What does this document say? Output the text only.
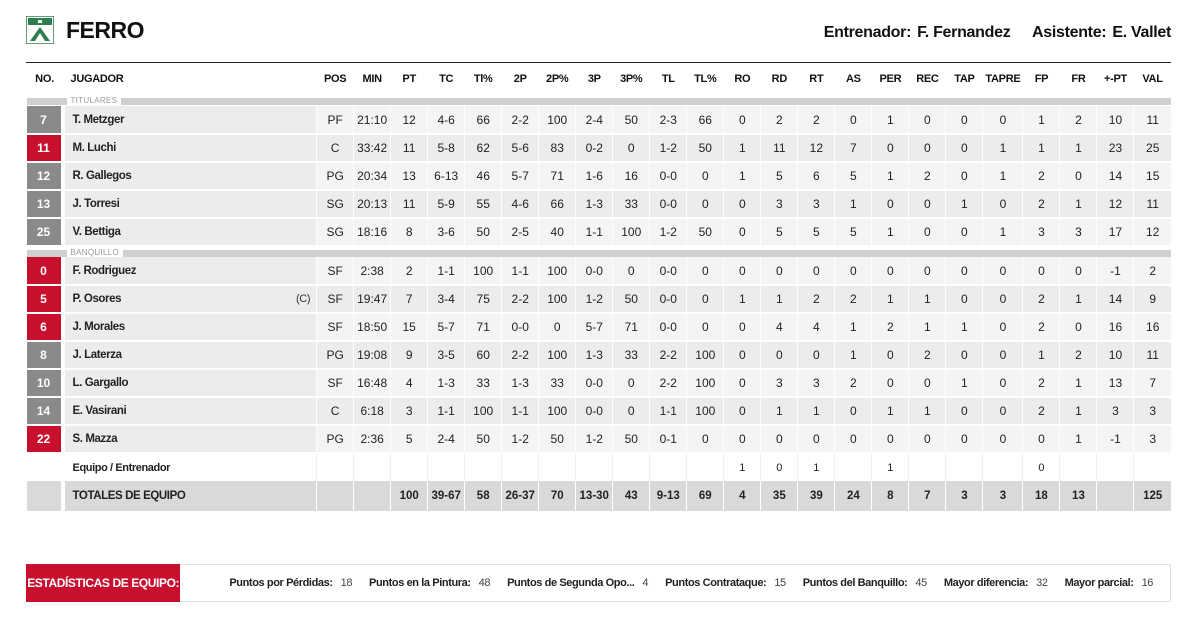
FERRO	Entrenador: F. Fernandez Asistente: E. Vallet
NO.	JUGADOR	POS	MIN	PT	TC	Tl%	2P	2P%	3P	3P%	TL	TL%	RO	RD	RT	AS	PER	REC	TAP	TAPRE	FP	FR	+-PT	VAL

TITULARES																								

7	T. Metzger	PF	21:10	12	4-6	66	2-2	100	2-4	50	2-3	66	0	2	2	0	1	0	0	0	1	2	10	11
11	M. Luchi	C	33:42	11	5-8	62	5-6	83	0-2	0	1-2	50	1	11	12	7	0	0	0	1	1	1	23	25
12	R. Gallegos	PG	20:34	13	6-13	46	5-7	71	1-6	16	0-0	0	1	5	6	5	1	2	0	1	2	0	14	15
13	J. Torresi	SG	20:13	11	5-9	55	4-6	66	1-3	33	0-0	0	0	3	3	1	0	0	1	0	2	1	12	11
25	V. Bettiga	SG	18:16	8	3-6	50	2-5	40	1-1	100	1-2	50	0	5	5	5	1	0	0	1	3	3	17	12

BANQUILLO																								

0	F. Rodriguez	SF	2:38	2	1-1	100	1-1	100	0-0	0	0-0	0	0	0	0	0	0	0	0	0	0	0	-1	2
5	P. Osores (C)	SF	19:47	7	3-4	75	2-2	100	1-2	50	0-0	0	1	1	2	2	1	1	0	0	2	1	14	9
6	J. Morales	SF	18:50	15	5-7	71	0-0	0	5-7	71	0-0	0	0	4	4	1	2	1	1	0	2	0	16	16
8	J. Laterza	PG	19:08	9	3-5	60	2-2	100	1-3	33	2-2	100	0	0	0	1	0	2	0	0	1	2	10	11
10	L. Gargallo	SF	16:48	4	1-3	33	1-3	33	0-0	0	2-2	100	0	3	3	2	0	0	1	0	2	1	13	7
14	E. Vasirani	C	6:18	3	1-1	100	1-1	100	0-0	0	1-1	100	0	1	1	0	1	1	0	0	2	1	3	3
22	S. Mazza	PG	2:36	5	2-4	50	1-2	50	1-2	50	0-1	0	0	0	0	0	0	0	0	0	0	1	-1	3
	Equipo / Entrenador												1	0	1		1				0			
	TOTALES DE EQUIPO			100	39-67	58	26-37	70	13-30	43	9-13	69	4	35	39	24	8	7	3	3	18	13		125
ESTADÍSTICAS DE EQUIPO:	Puntos por Pérdidas: 18 Puntos en la Pintura: 48 Puntos de Segunda Opo... 4 Puntos Contrataque: 15 Puntos del Banquillo: 45 Mayor diferencia: 32 Mayor parcial: 16
